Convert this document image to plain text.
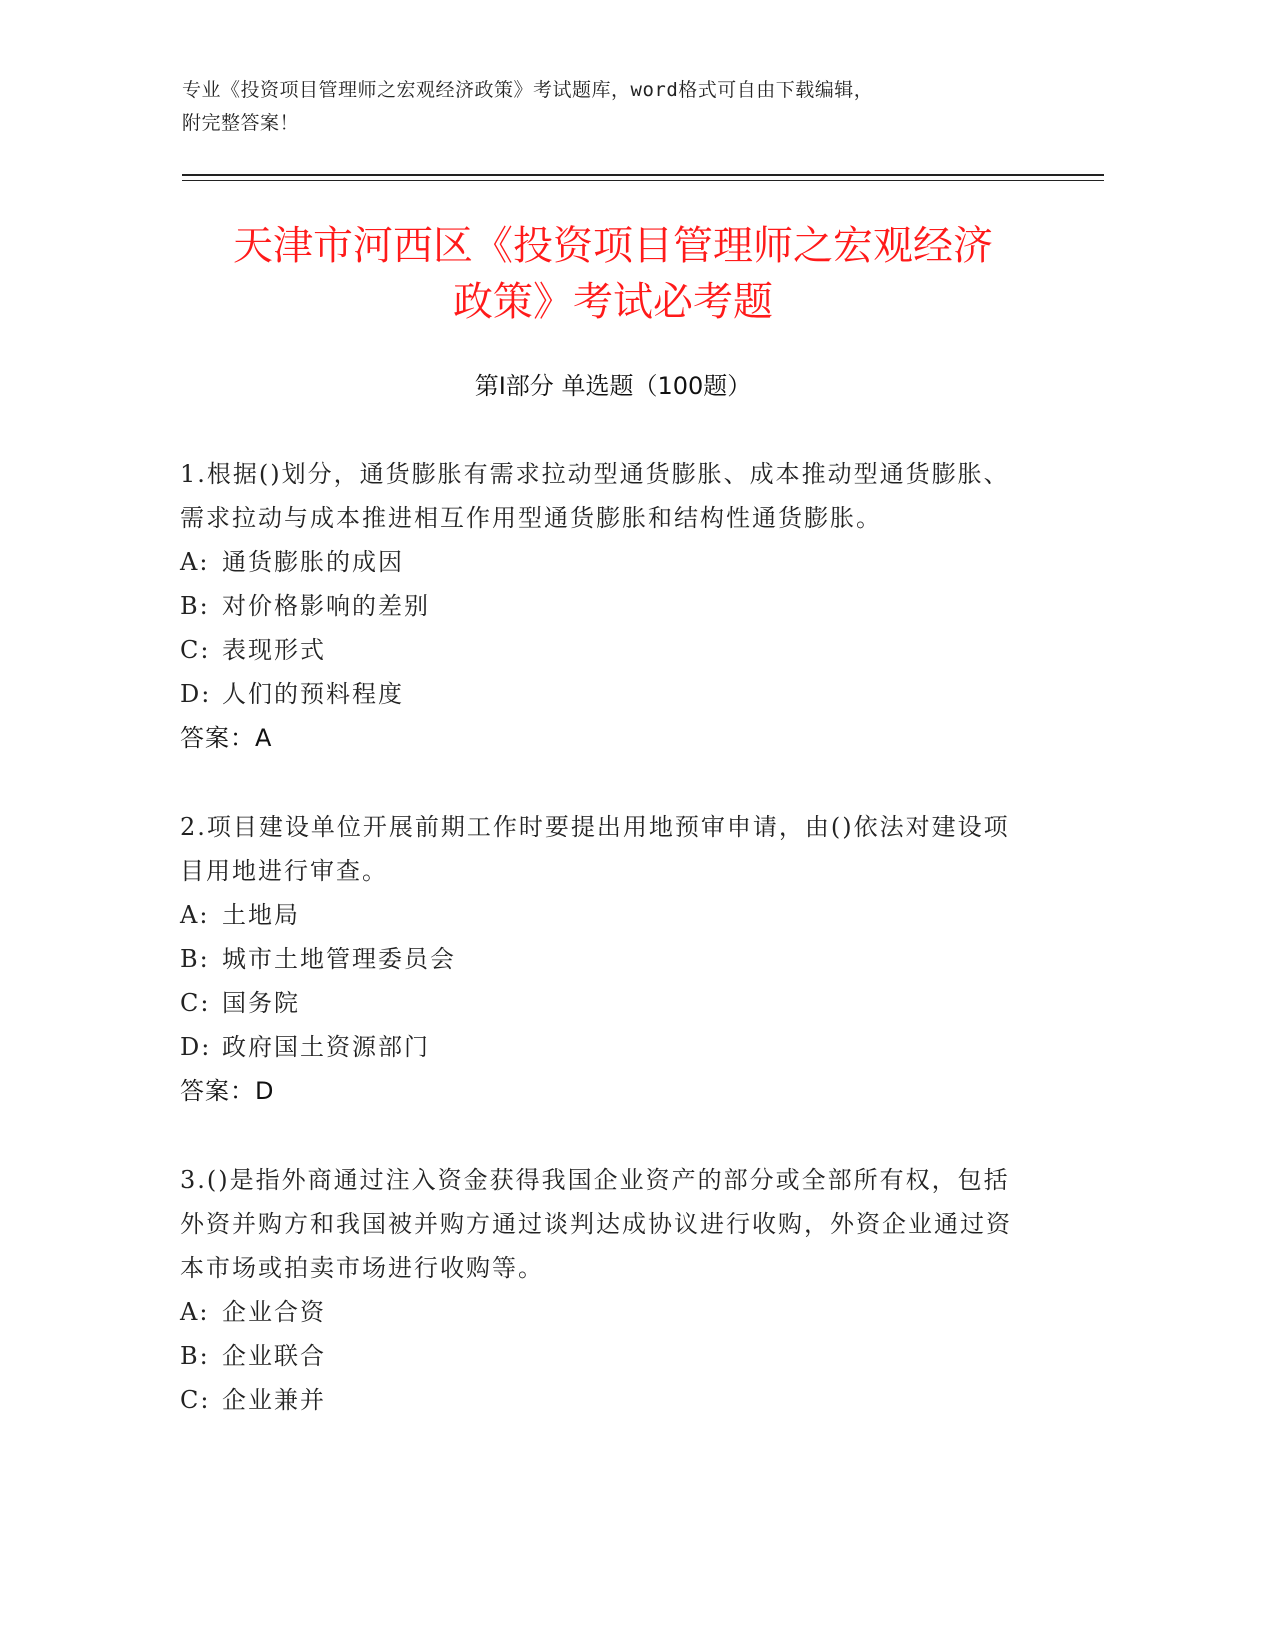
专业《投资项目管理师之宏观经济政策》考试题库，word格式可自由下载编辑，
附完整答案！
天津市河西区《投资项目管理师之宏观经济
政策》考试必考题
第Ⅰ部分 单选题（100题）

1.根据()划分，通货膨胀有需求拉动型通货膨胀、成本推动型通货膨胀、需求拉动与成本推进相互作用型通货膨胀和结构性通货膨胀。

A: 通货膨胀的成因
B: 对价格影响的差别
C: 表现形式
D: 人们的预料程度
答案：A

2.项目建设单位开展前期工作时要提出用地预审申请，由()依法对建设项目用地进行审查。

A: 土地局
B: 城市土地管理委员会
C: 国务院
D: 政府国土资源部门
答案：D

3.()是指外商通过注入资金获得我国企业资产的部分或全部所有权，包括外资并购方和我国被并购方通过谈判达成协议进行收购，外资企业通过资本市场或拍卖市场进行收购等。

A: 企业合资
B: 企业联合
C: 企业兼并
